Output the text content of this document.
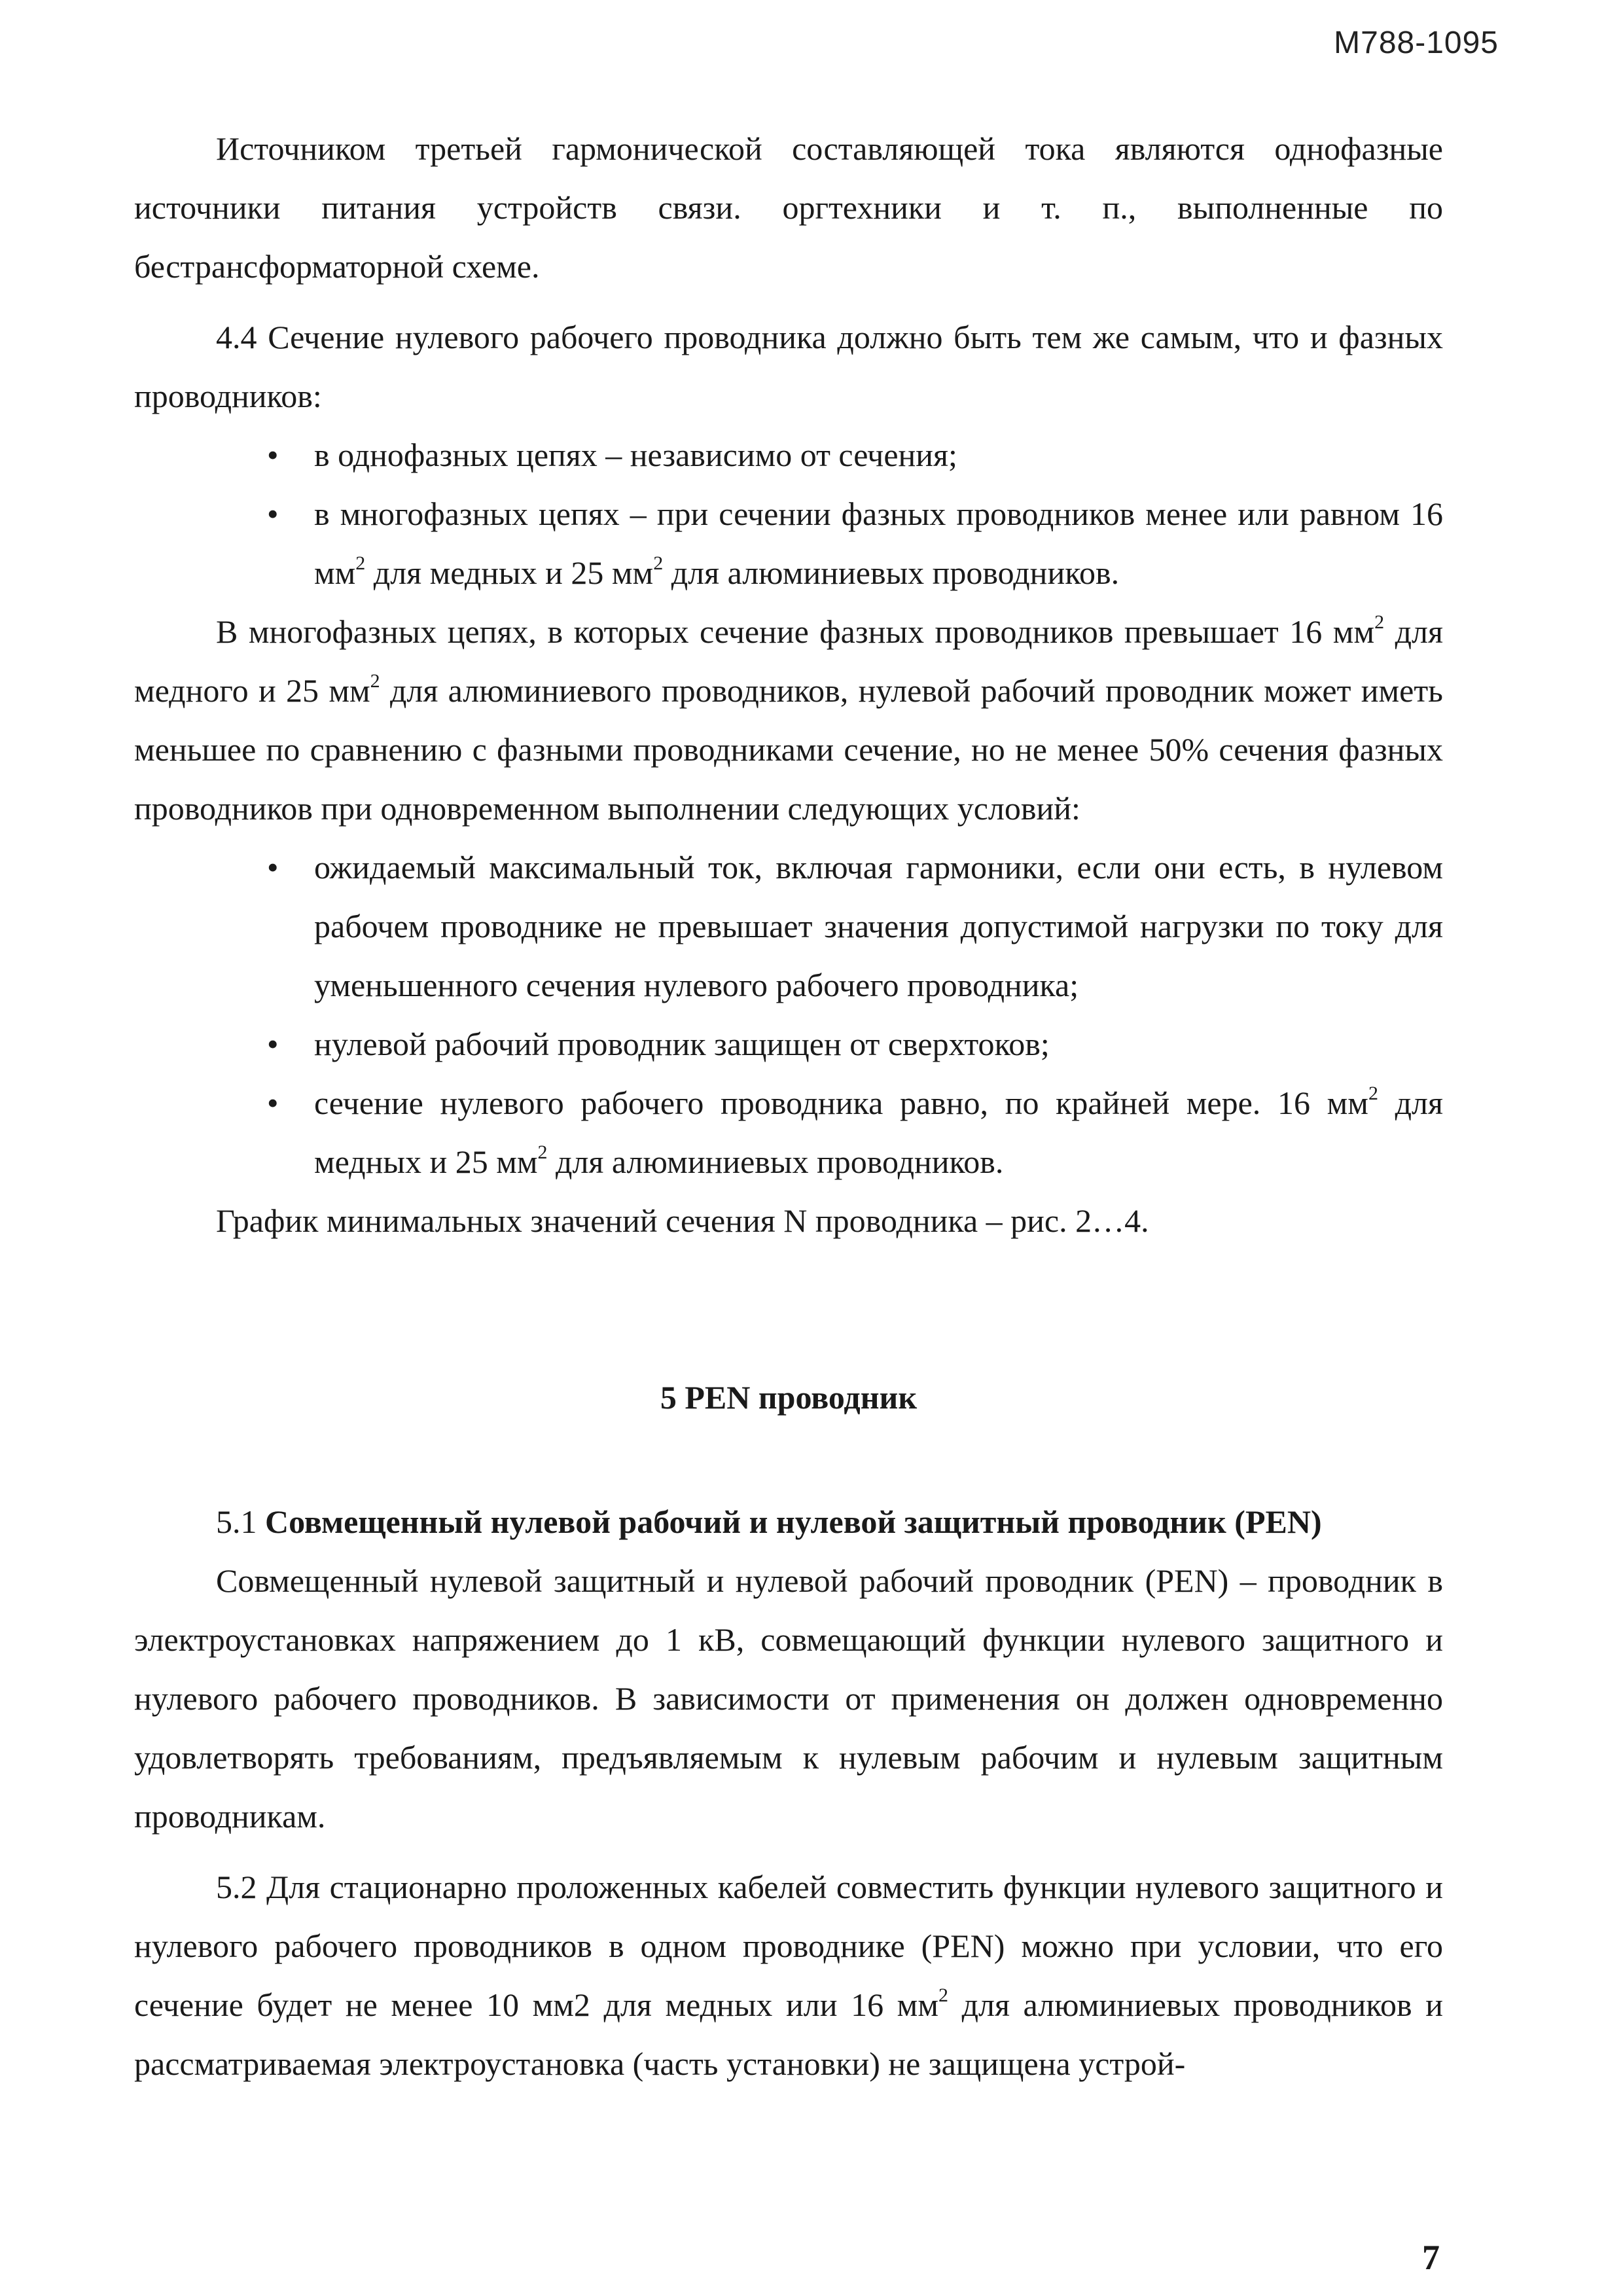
М788-1095

Источником третьей гармонической составляющей тока являются однофазные источники питания устройств связи. оргтехники и т. п., выполненные по бестрансформаторной схеме.

4.4 Сечение нулевого рабочего проводника должно быть тем же самым, что и фазных проводников:

• в однофазных цепях – независимо от сечения;
• в многофазных цепях – при сечении фазных проводников менее или равном 16 $мм^2$ для медных и 25 $мм^2$ для алюминиевых проводников.

В многофазных цепях, в которых сечение фазных проводников превышает 16 $мм^2$ для медного и 25 $мм^2$ для алюминиевого проводников, нулевой рабочий проводник может иметь меньшее по сравнению с фазными проводниками сечение, но не менее 50% сечения фазных проводников при одновременном выполнении следующих условий:

• ожидаемый максимальный ток, включая гармоники, если они есть, в нулевом рабочем проводнике не превышает значения допустимой нагрузки по току для уменьшенного сечения нулевого рабочего проводника;
• нулевой рабочий проводник защищен от сверхтоков;
• сечение нулевого рабочего проводника равно, по крайней мере. 16 $мм^2$ для медных и 25 $мм^2$ для алюминиевых проводников.

График минимальных значений сечения N проводника – рис. 2…4.

5 PEN проводник

5.1 Совмещенный нулевой рабочий и нулевой защитный проводник (PEN)

Совмещенный нулевой защитный и нулевой рабочий проводник (PEN) – проводник в электроустановках напряжением до 1 кВ, совмещающий функции нулевого защитного и нулевого рабочего проводников. В зависимости от применения он должен одновременно удовлетворять требованиям, предъявляемым к нулевым рабочим и нулевым защитным проводникам.

5.2 Для стационарно проложенных кабелей совместить функции нулевого защитного и нулевого рабочего проводников в одном проводнике (PEN) можно при условии, что его сечение будет не менее 10 мм2 для медных или 16 $мм^2$ для алюминиевых проводников и рассматриваемая электроустановка (часть установки) не защищена устрой-

7
